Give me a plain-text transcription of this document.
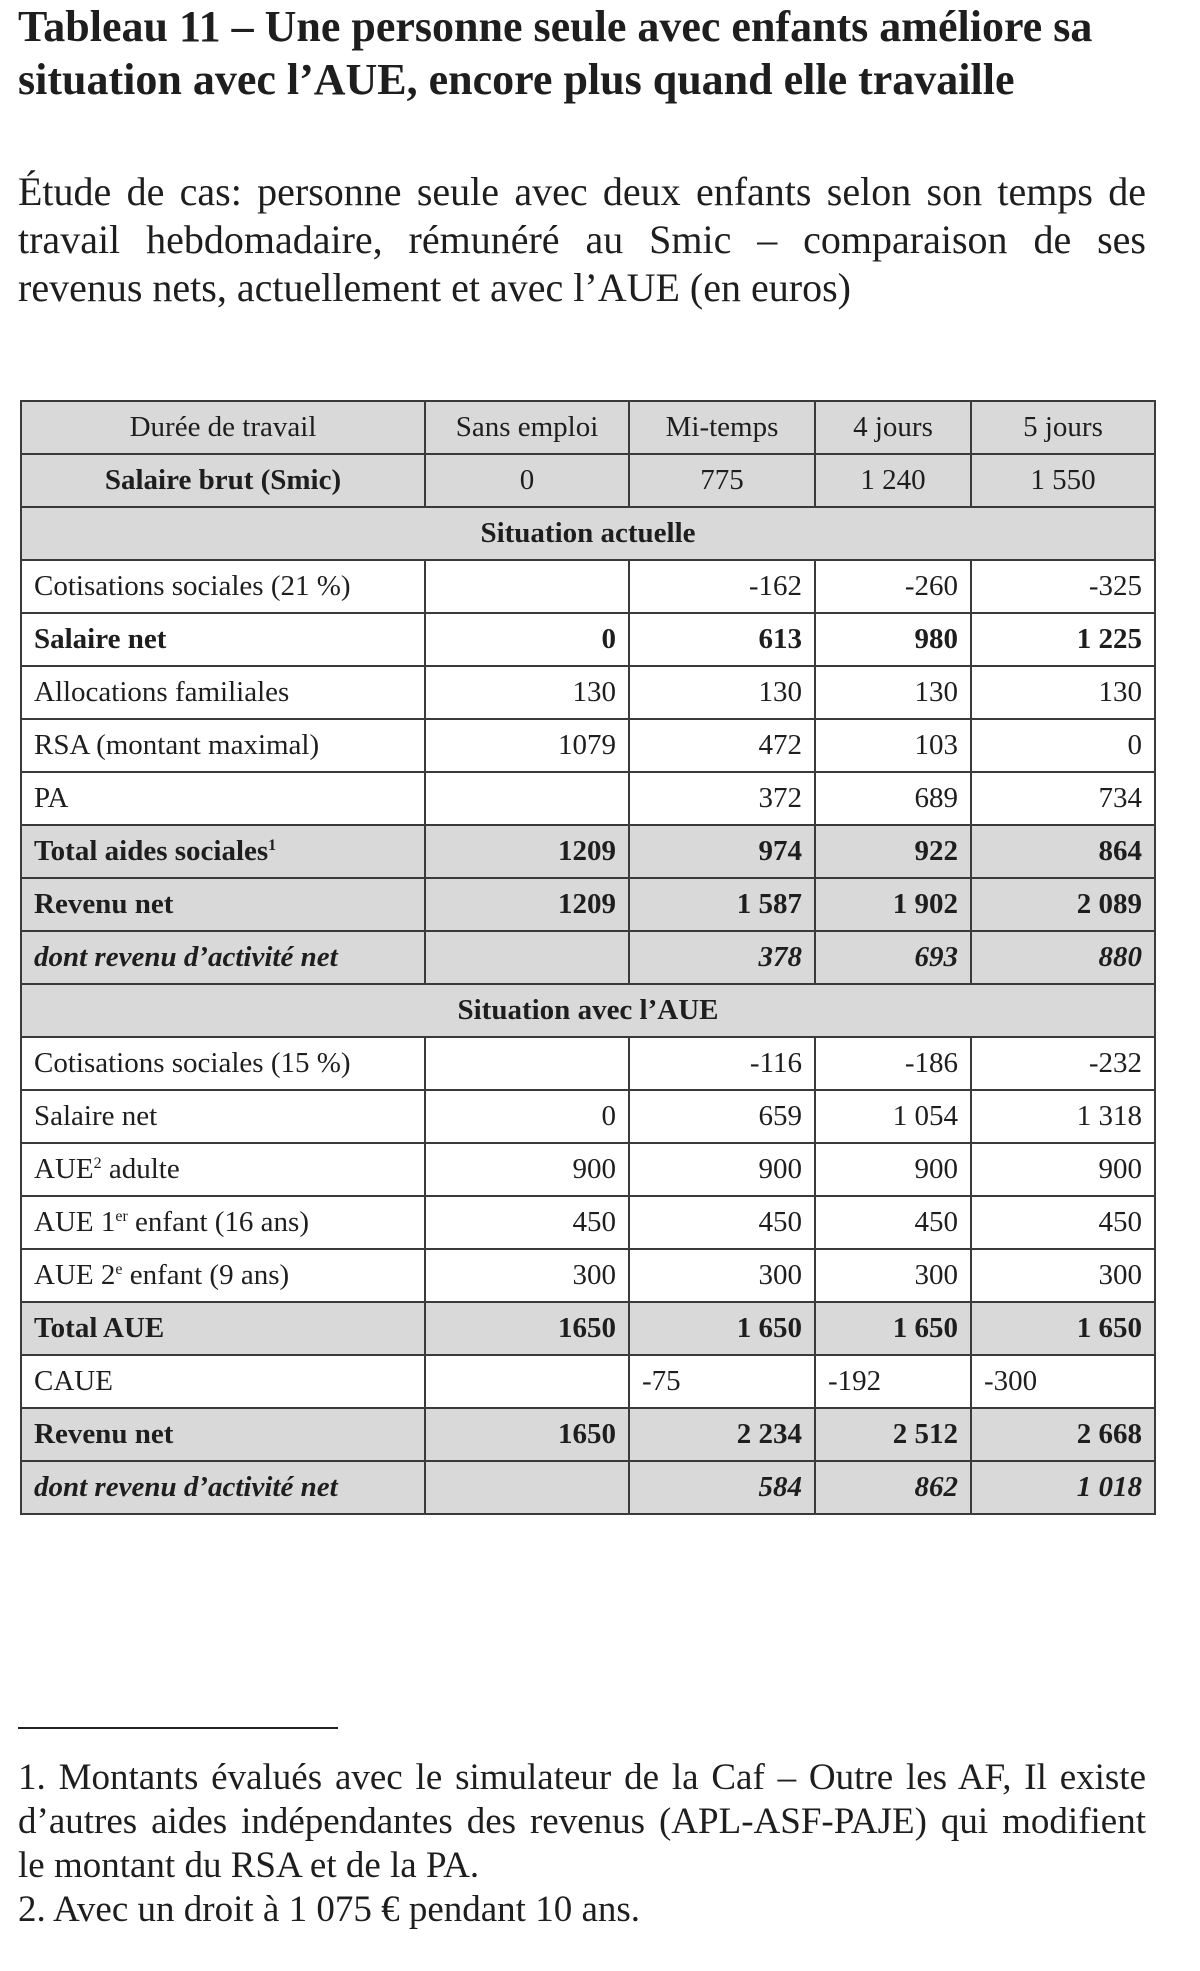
Tableau 11 – Une personne seule avec enfants améliore sa situation avec l’AUE, encore plus quand elle travaille

Étude de cas: personne seule avec deux enfants selon son temps de travail hebdomadaire, rémunéré au Smic – comparaison de ses revenus nets, actuellement et avec l’AUE (en euros)

Durée de travail	Sans emploi	Mi-temps	4 jours	5 jours
Salaire brut (Smic)	0	775	1 240	1 550
Situation actuelle				
Cotisations sociales (21 %)		-162	-260	-325
Salaire net	0	613	980	1 225
Allocations familiales	130	130	130	130
RSA (montant maximal)	1079	472	103	0
PA		372	689	734
Total aides sociales$^1$	1209	974	922	864
Revenu net	1209	1 587	1 902	2 089
dont revenu d’activité net		378	693	880
Situation avec l’AUE				
Cotisations sociales (15 %)		-116	-186	-232
Salaire net	0	659	1 054	1 318
AUE$^2$ adulte	900	900	900	900
AUE 1er enfant (16 ans)	450	450	450	450
AUE 2e enfant (9 ans)	300	300	300	300
Total AUE	1650	1 650	1 650	1 650
CAUE		-75	-192	-300
Revenu net	1650	2 234	2 512	2 668
dont revenu d’activité net		584	862	1 018

1. Montants évalués avec le simulateur de la Caf – Outre les AF, Il existe d’autres aides indépendantes des revenus (APL-ASF-PAJE) qui modifient le montant du RSA et de la PA.

2. Avec un droit à 1 075 € pendant 10 ans.
